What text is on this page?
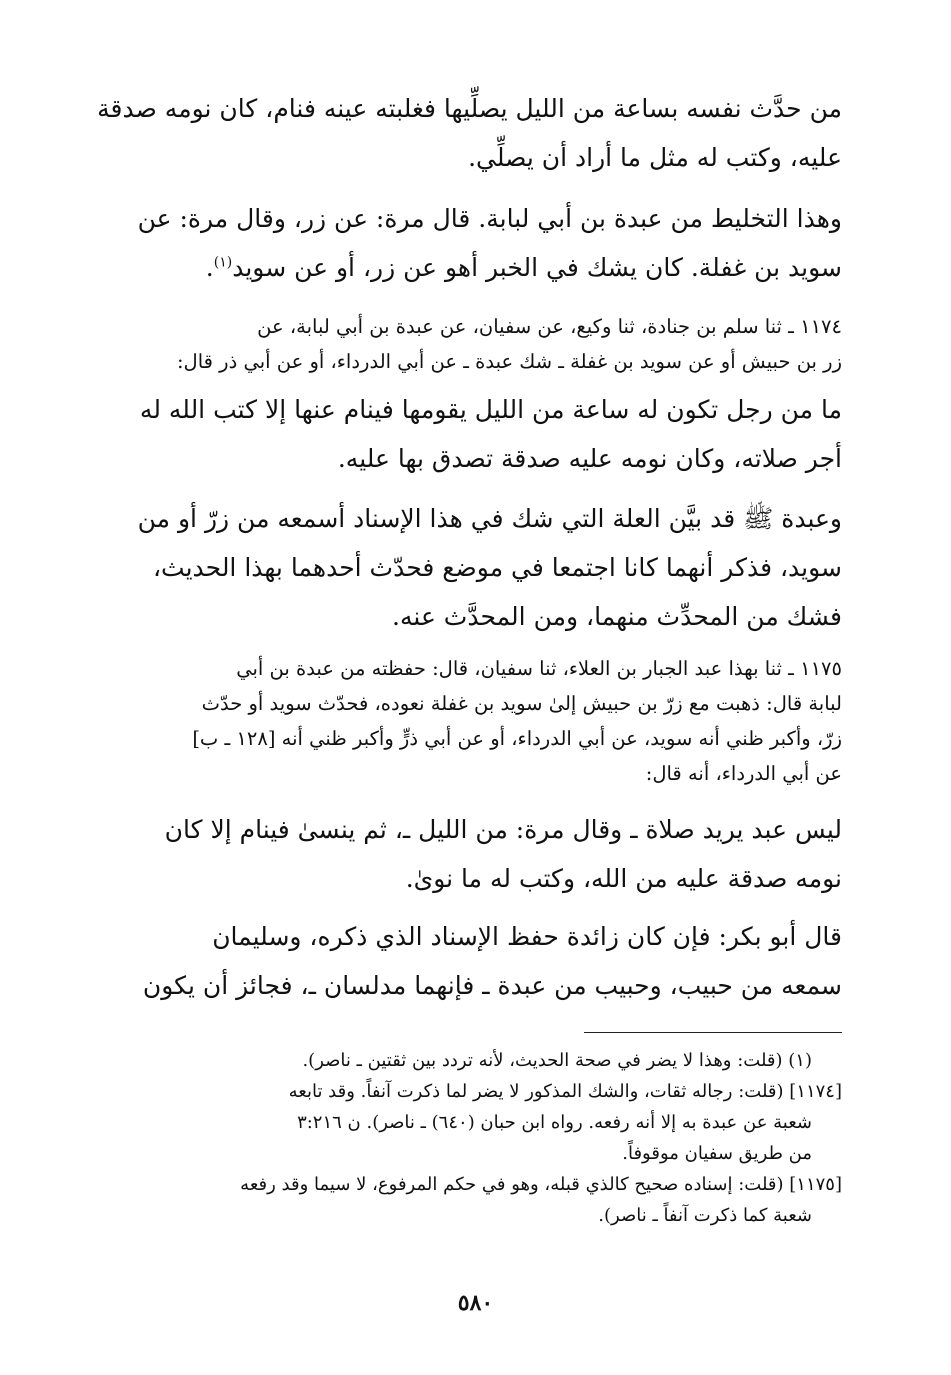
من حدَّث نفسه بساعة من الليل يصلِّيها فغلبته عينه فنام، كان نومه صدقة
عليه، وكتب له مثل ما أراد أن يصلِّي.
وهذا التخليط من عبدة بن أبي لبابة. قال مرة: عن زر، وقال مرة: عن
سويد بن غفلة. كان يشك في الخبر أهو عن زر، أو عن سويد$^{(١)}$.
١١٧٤ ـ ثنا سلم بن جنادة، ثنا وكيع، عن سفيان، عن عبدة بن أبي لبابة، عن
زر بن حبيش أو عن سويد بن غفلة ـ شك عبدة ـ عن أبي الدرداء، أو عن أبي ذر قال:
ما من رجل تكون له ساعة من الليل يقومها فينام عنها إلا كتب الله له
أجر صلاته، وكان نومه عليه صدقة تصدق بها عليه.
وعبدة ﷺ قد بيَّن العلة التي شك في هذا الإسناد أسمعه من زرّ أو من
سويد، فذكر أنهما كانا اجتمعا في موضع فحدّث أحدهما بهذا الحديث،
فشك من المحدِّث منهما، ومن المحدَّث عنه.
١١٧٥ ـ ثنا بهذا عبد الجبار بن العلاء، ثنا سفيان، قال: حفظته من عبدة بن أبي
لبابة قال: ذهبت مع زرّ بن حبيش إلىٰ سويد بن غفلة نعوده، فحدّث سويد أو حدّث
زرّ، وأكبر ظني أنه سويد، عن أبي الدرداء، أو عن أبي ذرٍّ وأكبر ظني أنه [١٢٨ ـ ب]
عن أبي الدرداء، أنه قال:
ليس عبد يريد صلاة ـ وقال مرة: من الليل ـ، ثم ينسىٰ فينام إلا كان
نومه صدقة عليه من الله، وكتب له ما نوىٰ.
قال أبو بكر: فإن كان زائدة حفظ الإسناد الذي ذكره، وسليمان
سمعه من حبيب، وحبيب من عبدة ـ فإنهما مدلسان ـ، فجائز أن يكون
(١) (قلت: وهذا لا يضر في صحة الحديث، لأنه تردد بين ثقتين ـ ناصر).
[١١٧٤] (قلت: رجاله ثقات، والشك المذكور لا يضر لما ذكرت آنفاً. وقد تابعه
شعبة عن عبدة به إلا أنه رفعه. رواه ابن حبان (٦٤٠) ـ ناصر). ن ٣:٢١٦
من طريق سفيان موقوفاً.
[١١٧٥] (قلت: إسناده صحيح كالذي قبله، وهو في حكم المرفوع، لا سيما وقد رفعه
شعبة كما ذكرت آنفاً ـ ناصر).
٥٨٠
